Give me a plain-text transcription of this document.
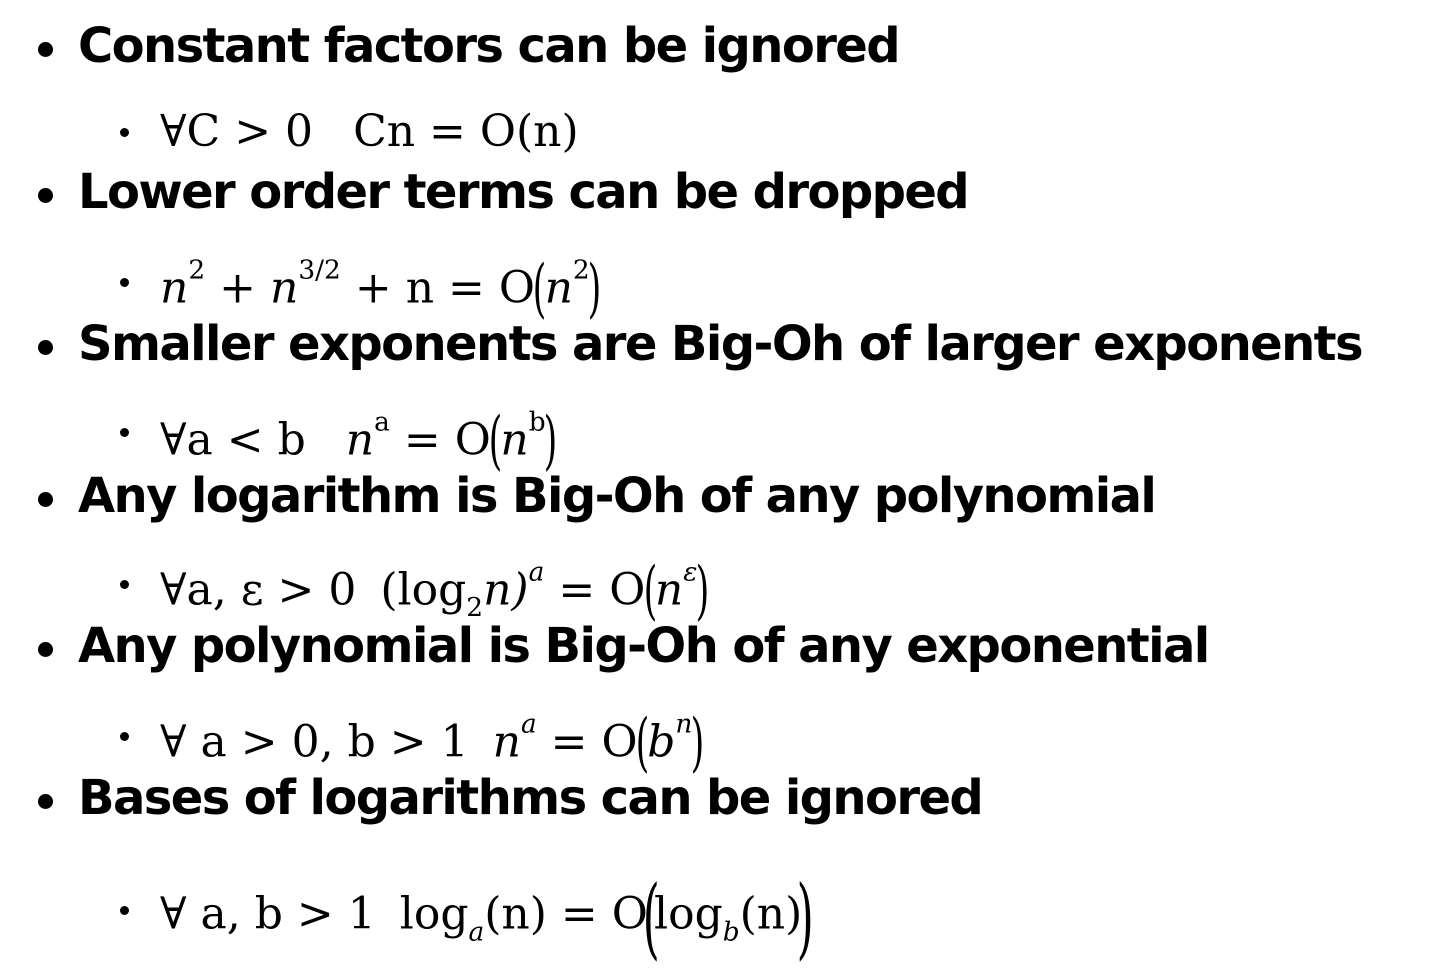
Constant factors can be ignored
∀C > 0 Cn = O(n)
Lower order terms can be dropped
$n^2 + n^{3/2} + n = O(n^2)$
Smaller exponents are Big-Oh of larger exponents
∀a < b $n^a = O(n^b)$
Any logarithm is Big-Oh of any polynomial
∀a, ε > 0 $(\log_2n)^a = O(n^\varepsilon)$
Any polynomial is Big-Oh of any exponential
∀ a > 0, b > 1 $n^a = O(b^n)$
Bases of logarithms can be ignored
∀ a, b > 1 $\log_a(n) = O(\log_b(n))$
